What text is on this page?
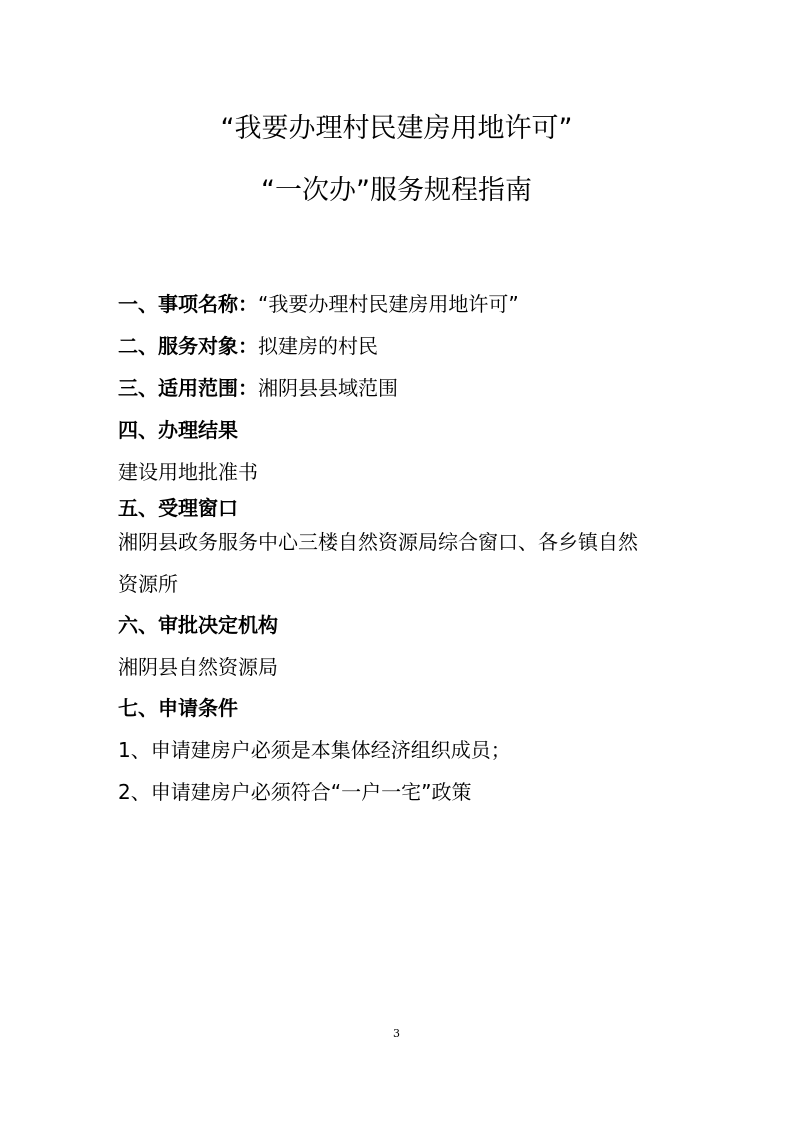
“我要办理村民建房用地许可”
“一次办”服务规程指南
一、事项名称：“我要办理村民建房用地许可”
二、服务对象：拟建房的村民
三、适用范围：湘阴县县域范围
四、办理结果
建设用地批准书
五、受理窗口
湘阴县政务服务中心三楼自然资源局综合窗口、各乡镇自然
资源所
六、审批决定机构
湘阴县自然资源局
七、申请条件
1、申请建房户必须是本集体经济组织成员；
2、申请建房户必须符合“一户一宅”政策
3
